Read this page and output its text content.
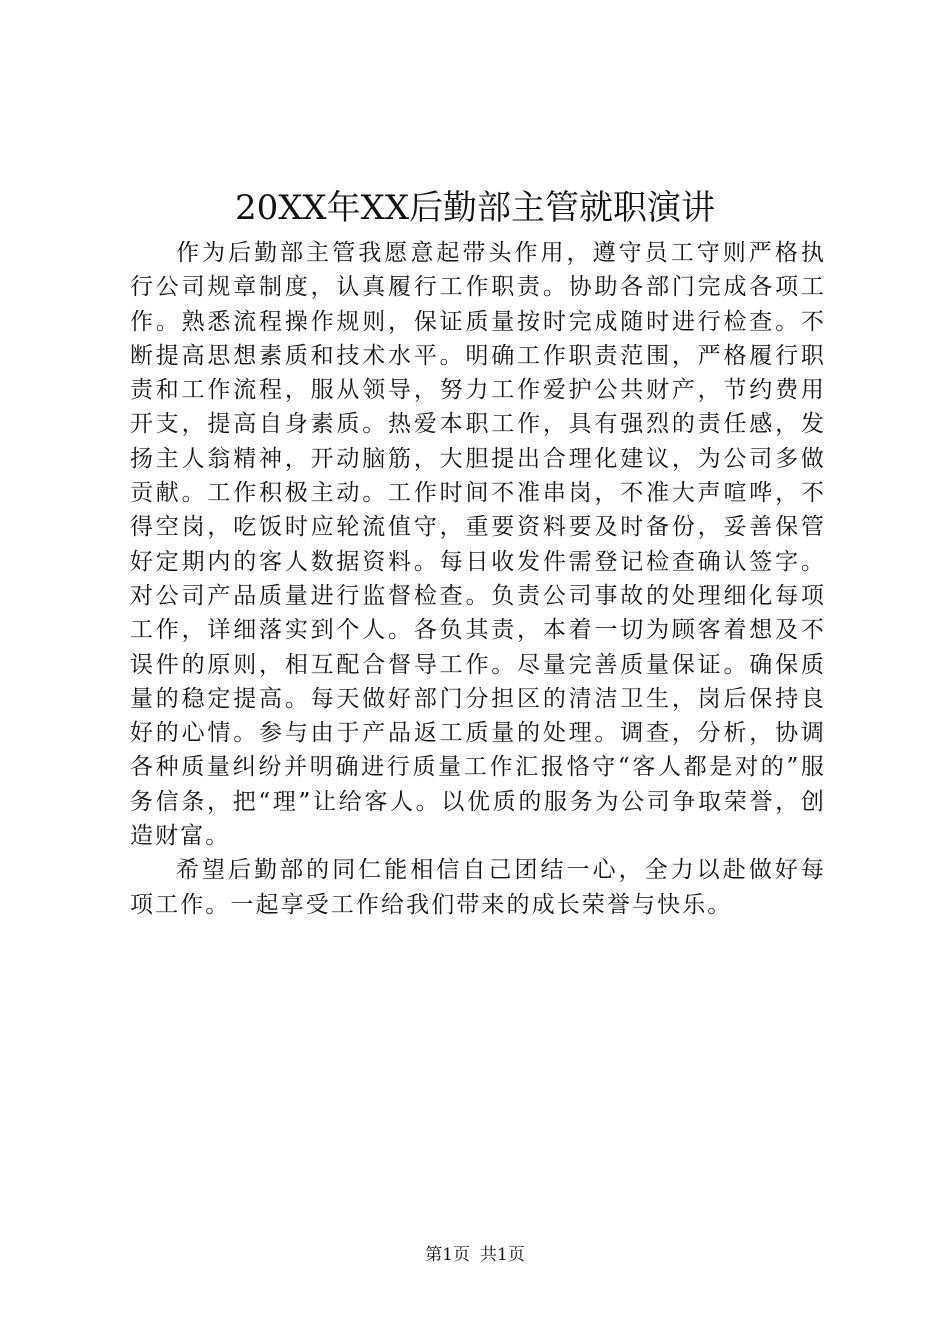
20XX年XX后勤部主管就职演讲

作为后勤部主管我愿意起带头作用，遵守员工守则严格执行公司规章制度，认真履行工作职责。协助各部门完成各项工作。熟悉流程操作规则，保证质量按时完成随时进行检查。不断提高思想素质和技术水平。明确工作职责范围，严格履行职责和工作流程，服从领导，努力工作爱护公共财产，节约费用开支，提高自身素质。热爱本职工作，具有强烈的责任感，发扬主人翁精神，开动脑筋，大胆提出合理化建议，为公司多做贡献。工作积极主动。工作时间不准串岗，不准大声喧哗，不得空岗，吃饭时应轮流值守，重要资料要及时备份，妥善保管好定期内的客人数据资料。每日收发件需登记检查确认签字。对公司产品质量进行监督检查。负责公司事故的处理细化每项工作，详细落实到个人。各负其责，本着一切为顾客着想及不误件的原则，相互配合督导工作。尽量完善质量保证。确保质量的稳定提高。每天做好部门分担区的清洁卫生，岗后保持良好的心情。参与由于产品返工质量的处理。调查，分析，协调各种质量纠纷并明确进行质量工作汇报恪守“客人都是对的”服务信条，把“理”让给客人。以优质的服务为公司争取荣誉，创造财富。

希望后勤部的同仁能相信自己团结一心，全力以赴做好每项工作。一起享受工作给我们带来的成长荣誉与快乐。

第1页 共1页
